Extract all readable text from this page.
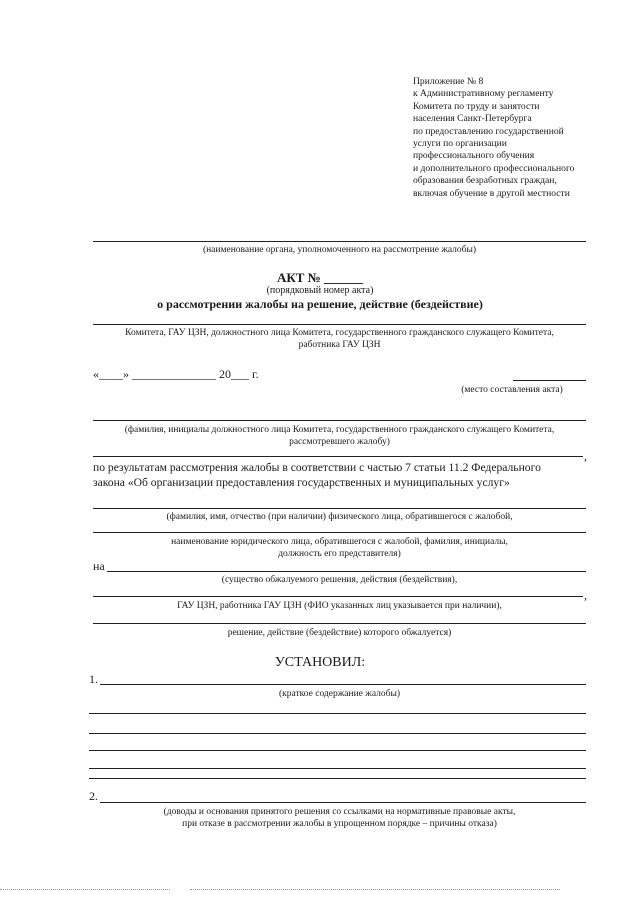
Приложение № 8
к Административному регламенту
Комитета по труду и занятости
населения Санкт-Петербурга
по предоставлению государственной
услуги по организации
профессионального обучения
и дополнительного профессионального
образования безработных граждан,
включая обучение в другой местности
(наименование органа, уполномоченного на рассмотрение жалобы)
АКТ № ______
(порядковый номер акта)
о рассмотрении жалобы на решение, действие (бездействие)
Комитета, ГАУ ЦЗН, должностного лица Комитета, государственного гражданского служащего Комитета,
работника ГАУ ЦЗН
«____» ______________ 20___ г.
(место составления акта)
(фамилия, инициалы должностного лица Комитета, государственного гражданского служащего Комитета,
рассмотревшего жалобу)
,
по результатам рассмотрения жалобы в соответствии с частью 7 статьи 11.2 Федерального
закона «Об организации предоставления государственных и муниципальных услуг»
(фамилия, имя, отчество (при наличии) физического лица, обратившегося с жалобой,
наименование юридического лица, обратившегося с жалобой, фамилия, инициалы,
должность его представителя)
на
(существо обжалуемого решения, действия (бездействия),
,
ГАУ ЦЗН, работника ГАУ ЦЗН (ФИО указанных лиц указывается при наличии),
решение, действие (бездействие) которого обжалуется)
УСТАНОВИЛ:
1.
(краткое содержание жалобы)
2.
(доводы и основания принятого решения со ссылками на нормативные правовые акты,
при отказе в рассмотрении жалобы в упрощенном порядке – причины отказа)
